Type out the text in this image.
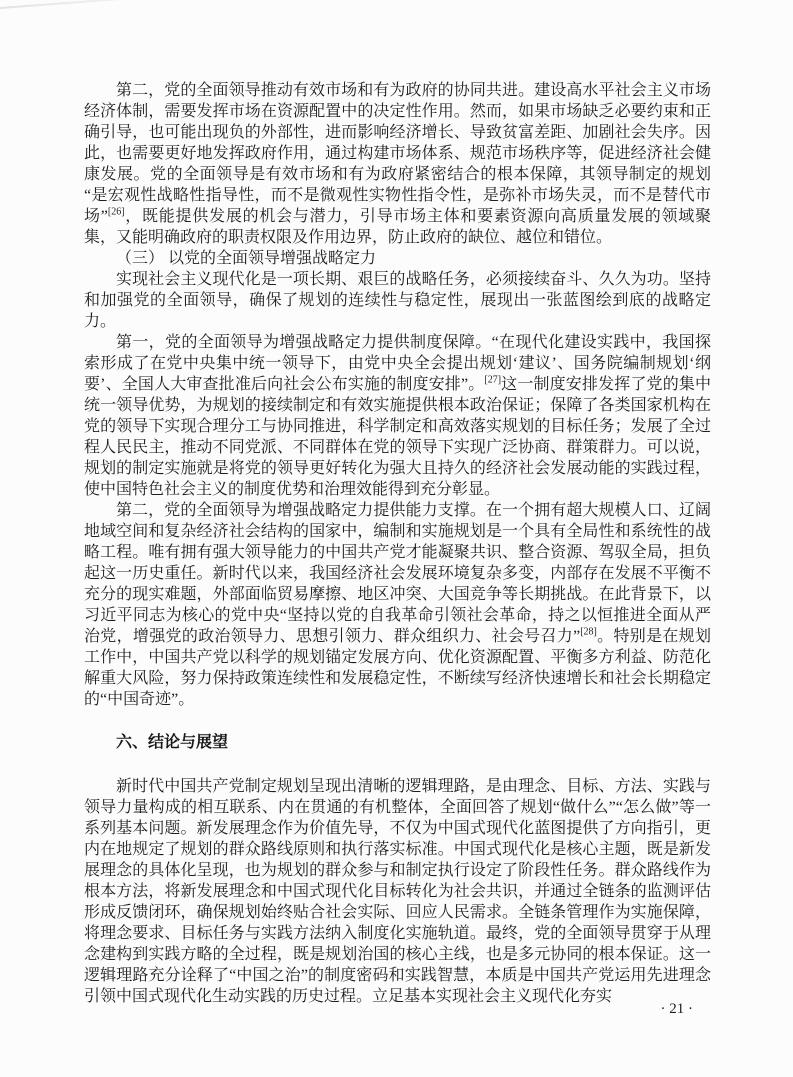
第二，党的全面领导推动有效市场和有为政府的协同共进。建设高水平社会主义市场经济体制，需要发挥市场在资源配置中的决定性作用。然而，如果市场缺乏必要约束和正确引导，也可能出现负的外部性，进而影响经济增长、导致贫富差距、加剧社会失序。因此，也需要更好地发挥政府作用，通过构建市场体系、规范市场秩序等，促进经济社会健康发展。党的全面领导是有效市场和有为政府紧密结合的根本保障，其领导制定的规划“是宏观性战略性指导性，而不是微观性实物性指令性，是弥补市场失灵，而不是替代市场”[26]，既能提供发展的机会与潜力，引导市场主体和要素资源向高质量发展的领域聚集，又能明确政府的职责权限及作用边界，防止政府的缺位、越位和错位。

（三） 以党的全面领导增强战略定力

实现社会主义现代化是一项长期、艰巨的战略任务，必须接续奋斗、久久为功。坚持和加强党的全面领导，确保了规划的连续性与稳定性，展现出一张蓝图绘到底的战略定力。

第一，党的全面领导为增强战略定力提供制度保障。“在现代化建设实践中，我国探索形成了在党中央集中统一领导下，由党中央全会提出规划‘建议’、国务院编制规划‘纲要’、全国人大审查批准后向社会公布实施的制度安排”。[27]这一制度安排发挥了党的集中统一领导优势，为规划的接续制定和有效实施提供根本政治保证；保障了各类国家机构在党的领导下实现合理分工与协同推进，科学制定和高效落实规划的目标任务；发展了全过程人民民主，推动不同党派、不同群体在党的领导下实现广泛协商、群策群力。可以说，规划的制定实施就是将党的领导更好转化为强大且持久的经济社会发展动能的实践过程，使中国特色社会主义的制度优势和治理效能得到充分彰显。

第二，党的全面领导为增强战略定力提供能力支撑。在一个拥有超大规模人口、辽阔地域空间和复杂经济社会结构的国家中，编制和实施规划是一个具有全局性和系统性的战略工程。唯有拥有强大领导能力的中国共产党才能凝聚共识、整合资源、驾驭全局，担负起这一历史重任。新时代以来，我国经济社会发展环境复杂多变，内部存在发展不平衡不充分的现实难题，外部面临贸易摩擦、地区冲突、大国竞争等长期挑战。在此背景下，以习近平同志为核心的党中央“坚持以党的自我革命引领社会革命，持之以恒推进全面从严治党，增强党的政治领导力、思想引领力、群众组织力、社会号召力”[28]。特别是在规划工作中，中国共产党以科学的规划锚定发展方向、优化资源配置、平衡多方利益、防范化解重大风险，努力保持政策连续性和发展稳定性，不断续写经济快速增长和社会长期稳定的“中国奇迹”。

六、结论与展望

新时代中国共产党制定规划呈现出清晰的逻辑理路，是由理念、目标、方法、实践与领导力量构成的相互联系、内在贯通的有机整体，全面回答了规划“做什么”“怎么做”等一系列基本问题。新发展理念作为价值先导，不仅为中国式现代化蓝图提供了方向指引，更内在地规定了规划的群众路线原则和执行落实标准。中国式现代化是核心主题，既是新发展理念的具体化呈现，也为规划的群众参与和制定执行设定了阶段性任务。群众路线作为根本方法，将新发展理念和中国式现代化目标转化为社会共识，并通过全链条的监测评估形成反馈闭环，确保规划始终贴合社会实际、回应人民需求。全链条管理作为实施保障，将理念要求、目标任务与实践方法纳入制度化实施轨道。最终，党的全面领导贯穿于从理念建构到实践方略的全过程，既是规划治国的核心主线，也是多元协同的根本保证。这一逻辑理路充分诠释了“中国之治”的制度密码和实践智慧，本质是中国共产党运用先进理念引领中国式现代化生动实践的历史过程。立足基本实现社会主义现代化夯实

· 21 ·
